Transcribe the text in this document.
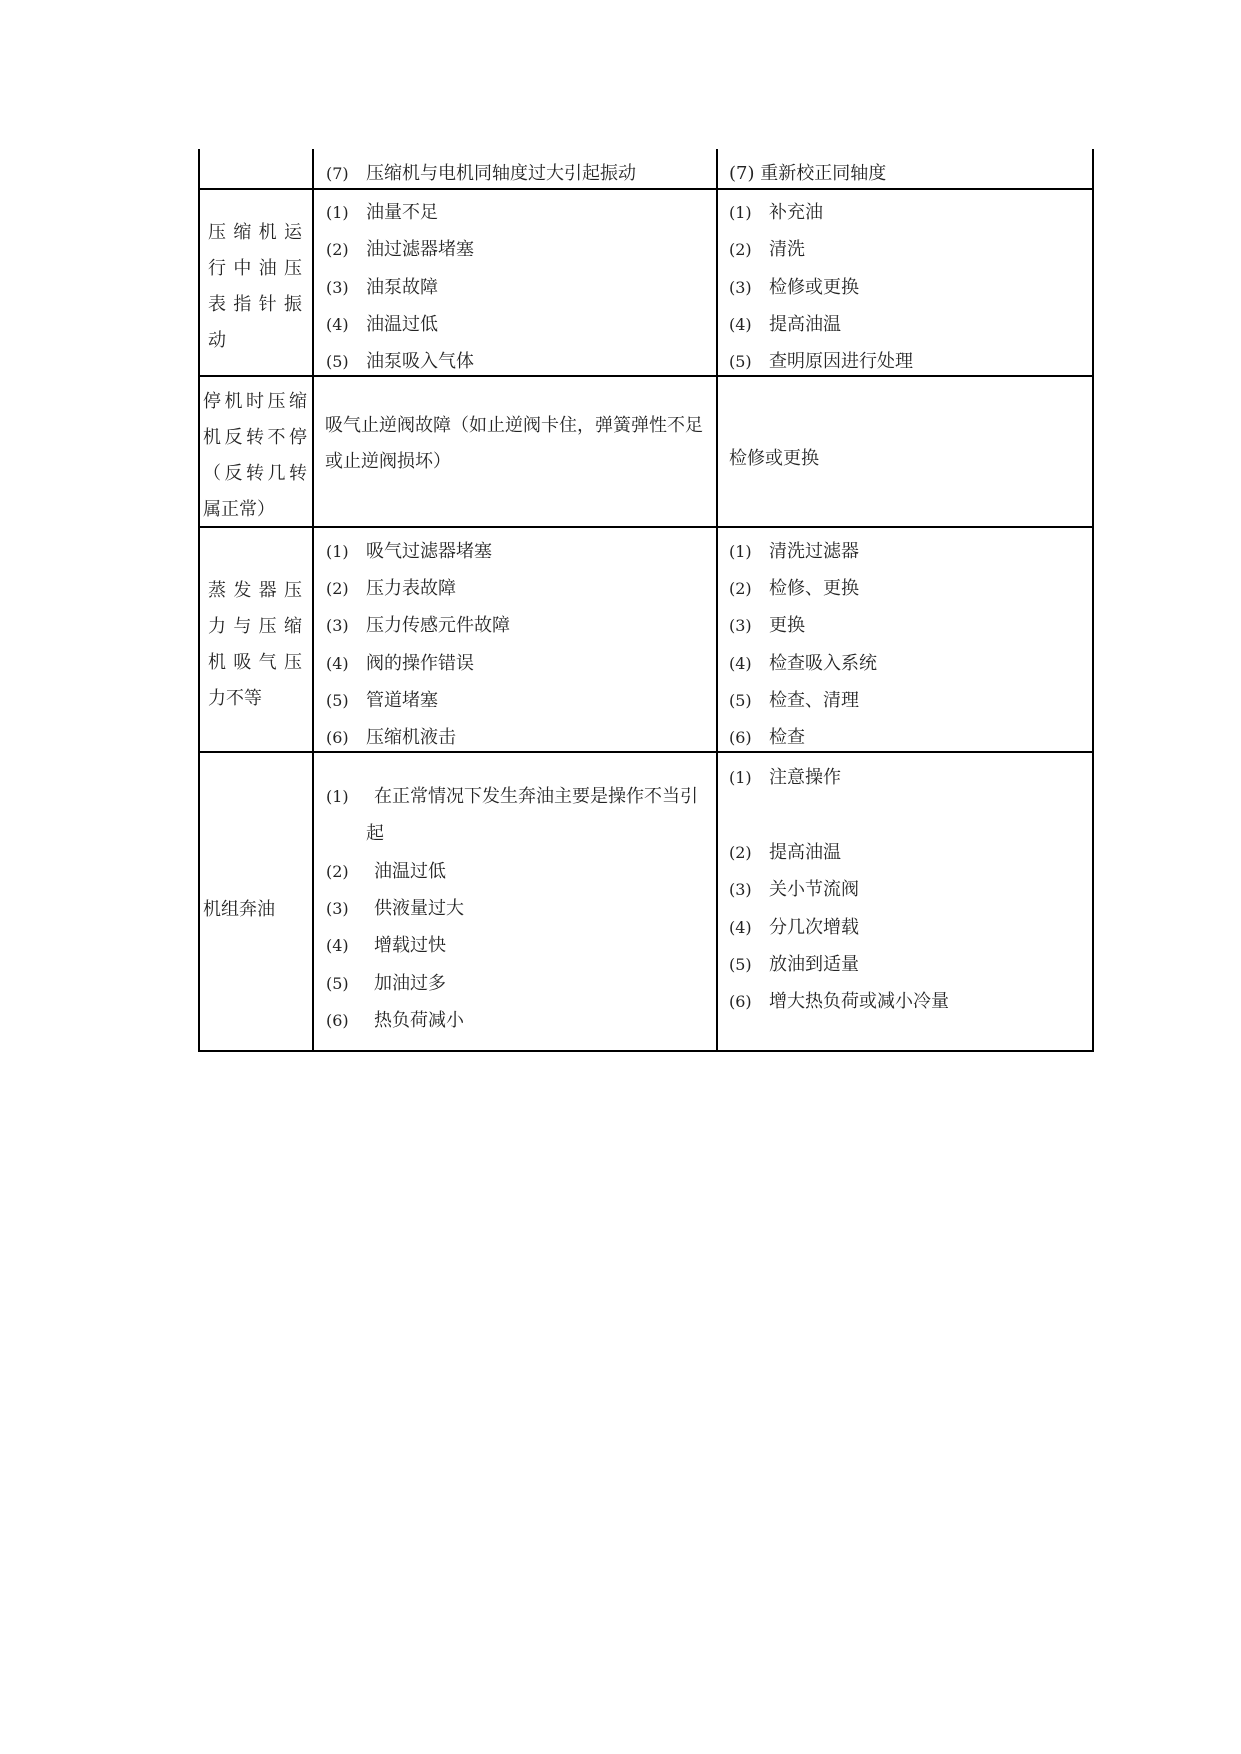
(7) 压缩机与电机同轴度过大引起振动	(7) 重新校正同轴度
压缩机运
行中油压
表指针振
动
(1) 油量不足
(2) 油过滤器堵塞
(3) 油泵故障
(4) 油温过低
(5) 油泵吸入气体
(1) 补充油
(2) 清洗
(3) 检修或更换
(4) 提高油温
(5) 查明原因进行处理
停机时压缩
机反转不停
（反转几转
属正常）
吸气止逆阀故障（如止逆阀卡住，弹簧弹性不足
或止逆阀损坏）	检修或更换
蒸发器压
力与压缩
机吸气压
力不等
(1) 吸气过滤器堵塞
(2) 压力表故障
(3) 压力传感元件故障
(4) 阀的操作错误
(5) 管道堵塞
(6) 压缩机液击
(1) 清洗过滤器
(2) 检修、更换
(3) 更换
(4) 检查吸入系统
(5) 检查、清理
(6) 检查
机组奔油
(1) 在正常情况下发生奔油主要是操作不当引
起
(2) 油温过低
(3) 供液量过大
(4) 增载过快
(5) 加油过多
(6) 热负荷减小
(1) 注意操作
(2) 提高油温
(3) 关小节流阀
(4) 分几次增载
(5) 放油到适量
(6) 增大热负荷或减小冷量
